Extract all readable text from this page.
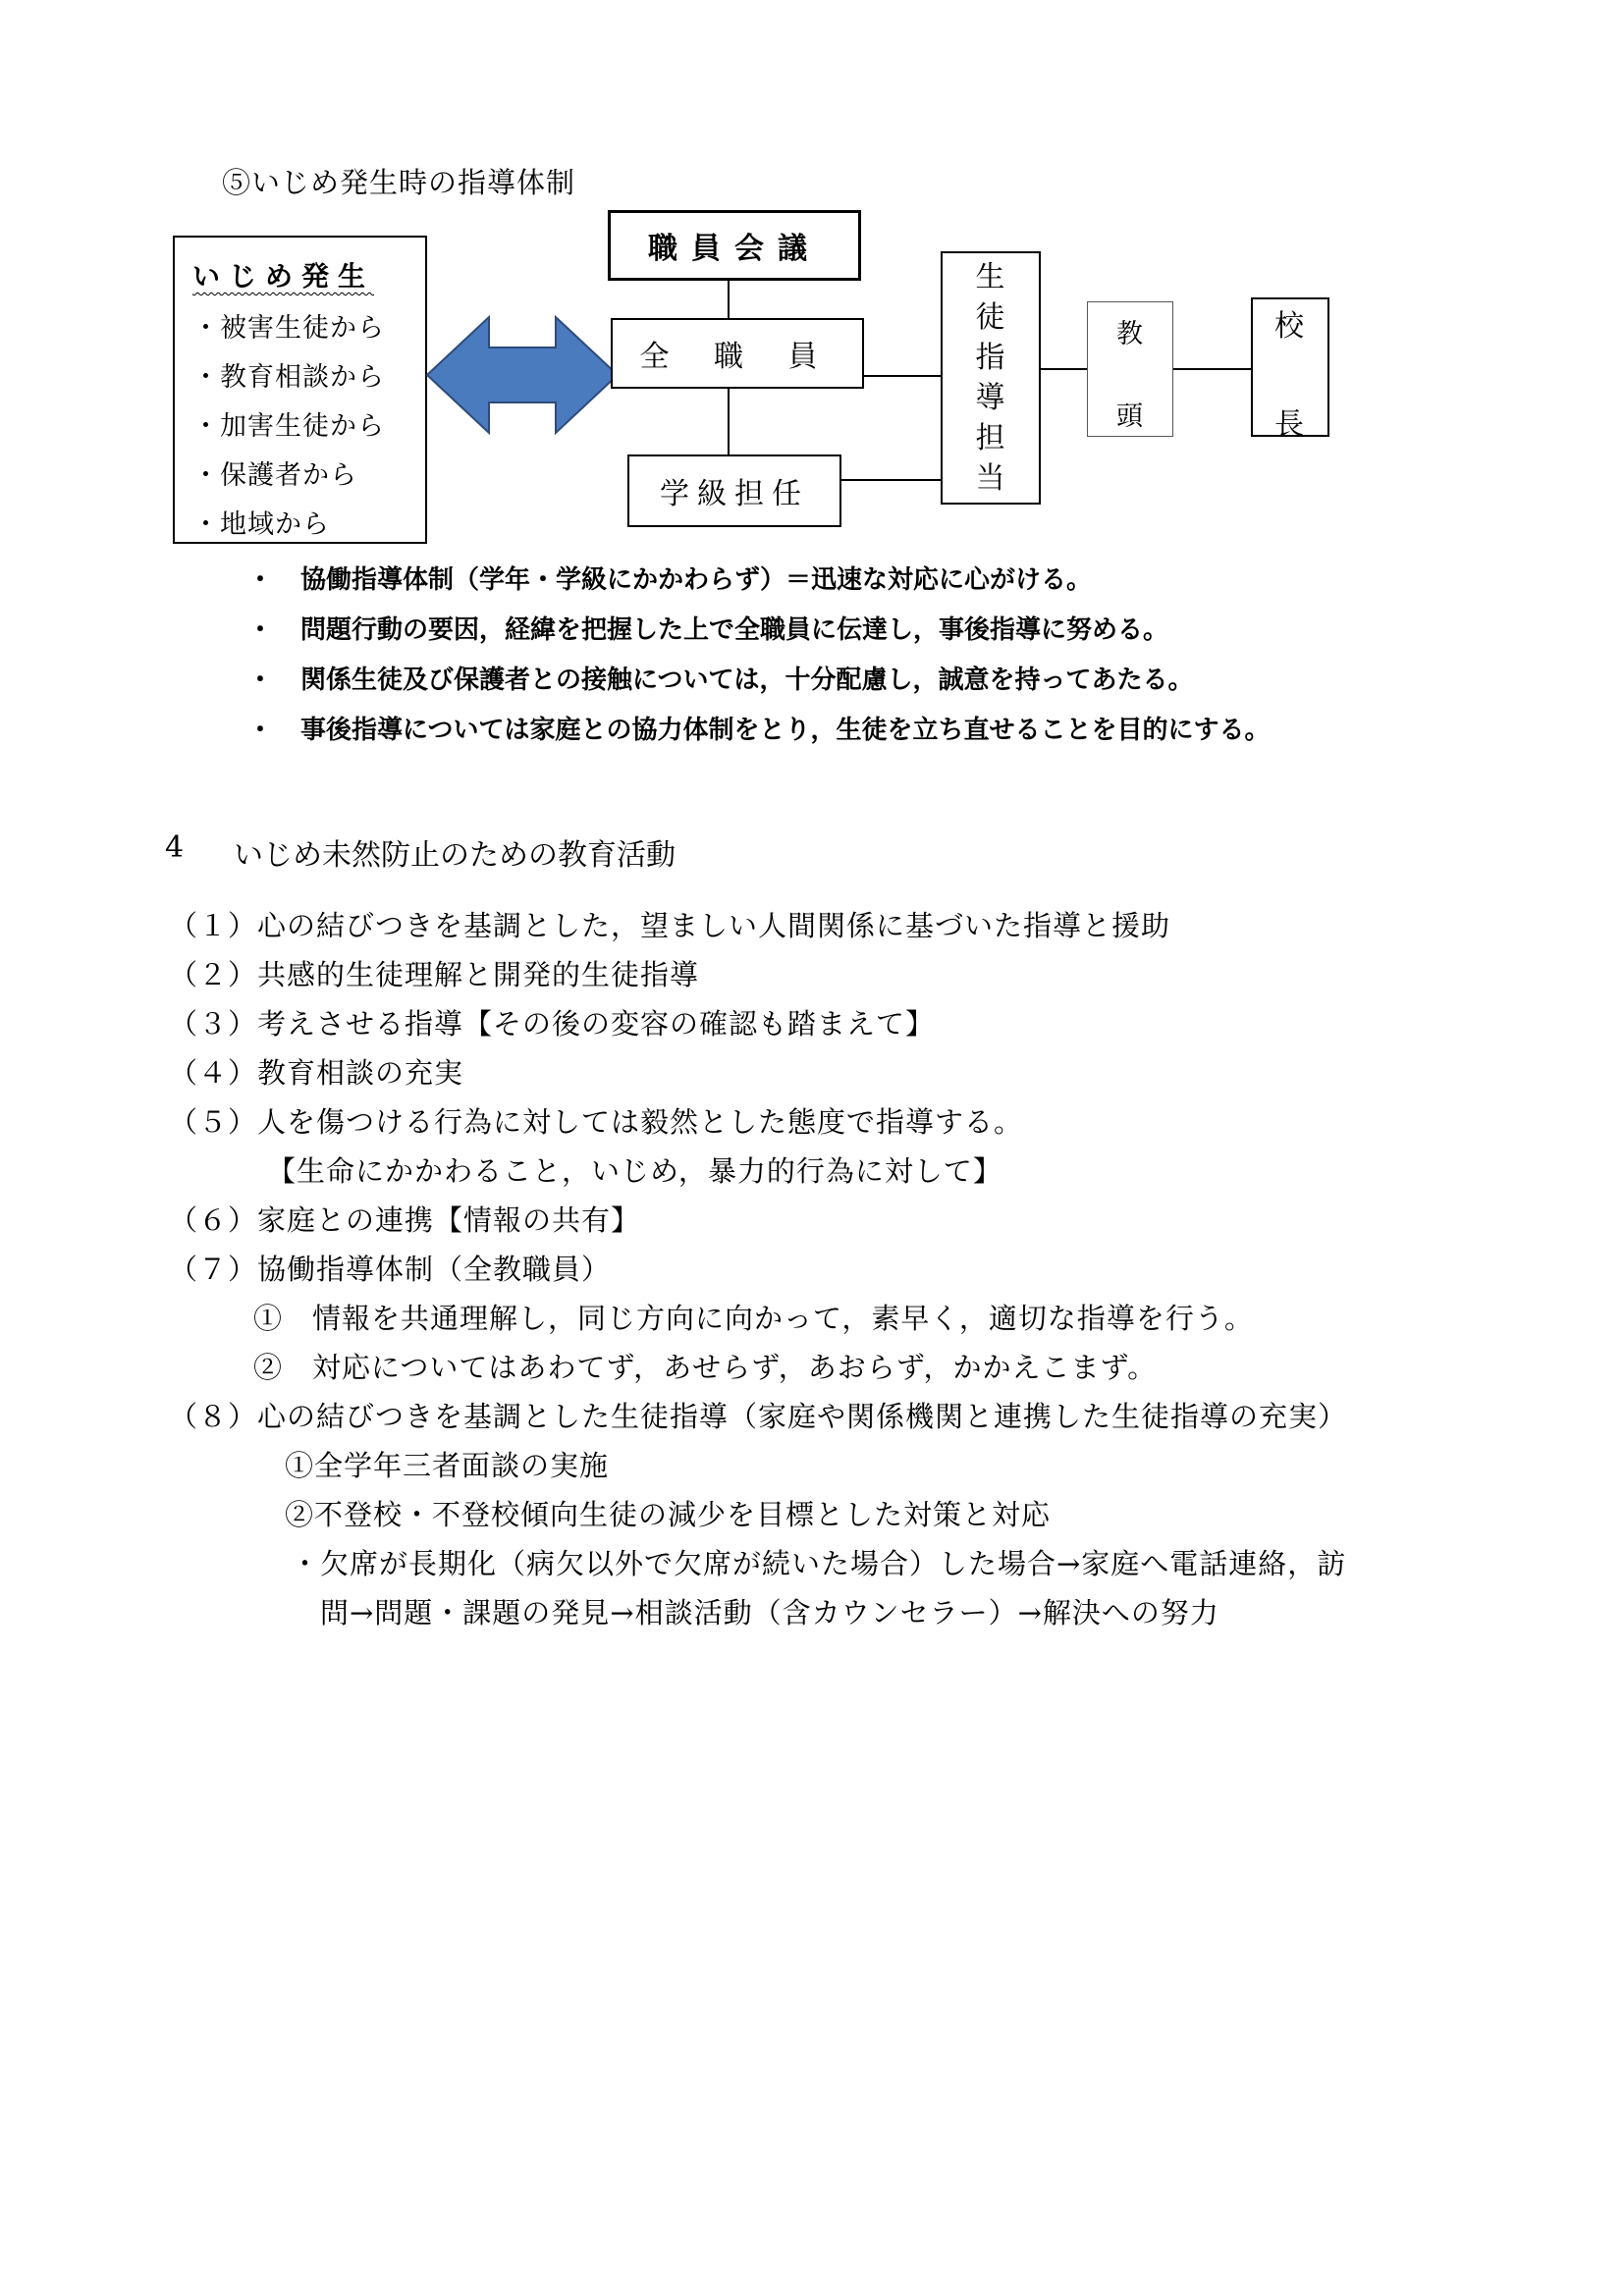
⑤いじめ発生時の指導体制
いじめ発生
・被害生徒から
・教育相談から
・加害生徒から
・保護者から
・地域から
職員会議
全 職 員
学級担任
生
徒
指
導
担
当
教
頭
校
長
・ 協働指導体制（学年・学級にかかわらず）＝迅速な対応に心がける。
・ 問題行動の要因，経緯を把握した上で全職員に伝達し，事後指導に努める。
・ 関係生徒及び保護者との接触については，十分配慮し，誠意を持ってあたる。
・ 事後指導については家庭との協力体制をとり，生徒を立ち直せることを目的にする。
4 いじめ未然防止のための教育活動
（１）心の結びつきを基調とした，望ましい人間関係に基づいた指導と援助
（２）共感的生徒理解と開発的生徒指導
（３）考えさせる指導【その後の変容の確認も踏まえて】
（４）教育相談の充実
（５）人を傷つける行為に対しては毅然とした態度で指導する。
【生命にかかわること，いじめ，暴力的行為に対して】
（６）家庭との連携【情報の共有】
（７）協働指導体制（全教職員）
①　情報を共通理解し，同じ方向に向かって，素早く，適切な指導を行う。
②　対応についてはあわてず，あせらず，あおらず，かかえこまず。
（８）心の結びつきを基調とした生徒指導（家庭や関係機関と連携した生徒指導の充実）
①全学年三者面談の実施
②不登校・不登校傾向生徒の減少を目標とした対策と対応
・欠席が長期化（病欠以外で欠席が続いた場合）した場合→家庭へ電話連絡，訪
問→問題・課題の発見→相談活動（含カウンセラー）→解決への努力
